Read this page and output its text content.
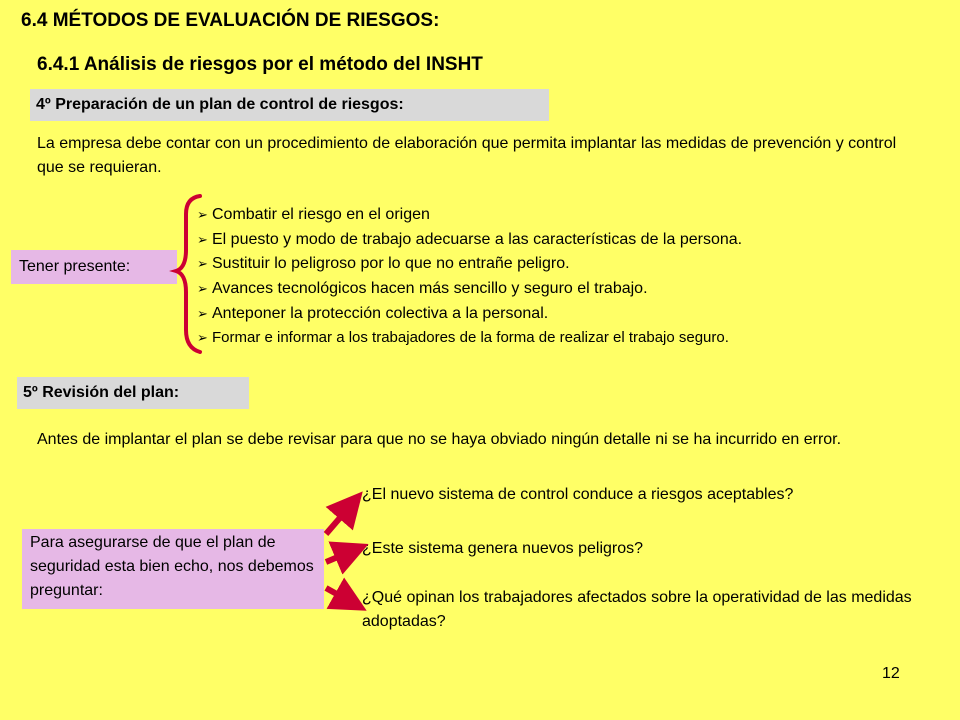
6.4 MÉTODOS DE EVALUACIÓN DE RIESGOS:
6.4.1 Análisis de riesgos por el método del INSHT
4º Preparación de un plan de control de riesgos:
La empresa debe contar con un procedimiento de elaboración que permita implantar las medidas de prevención y control que se requieran.
Tener presente:
➢ Combatir el riesgo en el origen
➢ El puesto y modo de trabajo adecuarse a las características de la persona.
➢ Sustituir lo peligroso por lo que no entrañe peligro.
➢ Avances tecnológicos hacen más sencillo y seguro el trabajo.
➢ Anteponer la protección colectiva a la personal.
➢ Formar e informar a los trabajadores de la forma de realizar el trabajo seguro.
5º Revisión del plan:
Antes de implantar el plan se debe revisar para que no se haya obviado ningún detalle ni se ha incurrido en error.
Para asegurarse de que el plan de seguridad esta bien echo, nos debemos preguntar:
¿El nuevo sistema de control conduce a riesgos aceptables?
¿Este sistema genera nuevos peligros?
¿Qué opinan los trabajadores afectados sobre la operatividad de las medidas adoptadas?
12
